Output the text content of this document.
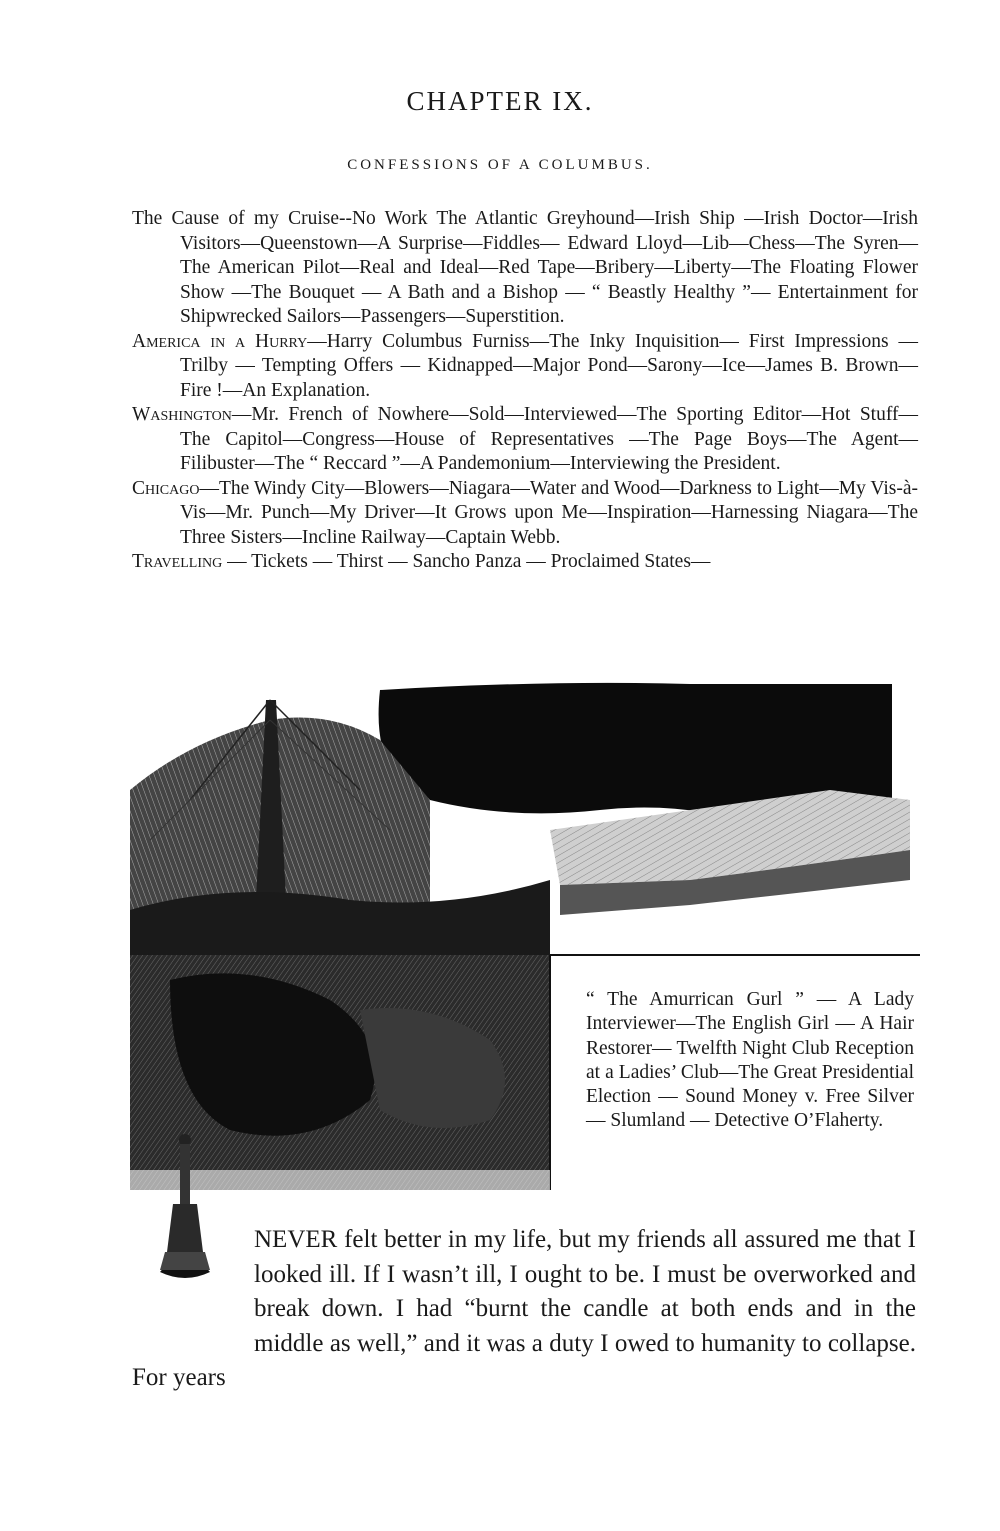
CHAPTER IX.
CONFESSIONS OF A COLUMBUS.

The Cause of my Cruise--No Work The Atlantic Greyhound—Irish Ship —Irish Doctor—Irish Visitors—Queenstown—A Surprise—Fiddles— Edward Lloyd—Lib—Chess—The Syren—The American Pilot—Real and Ideal—Red Tape—Bribery—Liberty—The Floating Flower Show —The Bouquet — A Bath and a Bishop — “ Beastly Healthy ”— Entertainment for Shipwrecked Sailors—Passengers—Superstition.

America in a Hurry—Harry Columbus Furniss—The Inky Inquisition— First Impressions — Trilby — Tempting Offers — Kidnapped—Major Pond—Sarony—Ice—James B. Brown—Fire !—An Explanation.

Washington—Mr. French of Nowhere—Sold—Interviewed—The Sporting Editor—Hot Stuff—The Capitol—Congress—House of Representatives —The Page Boys—The Agent—Filibuster—The “ Reccard ”—A Pandemonium—Interviewing the President.

Chicago—The Windy City—Blowers—Niagara—Water and Wood—Darkness to Light—My Vis-à-Vis—Mr. Punch—My Driver—It Grows upon Me—Inspiration—Harnessing Niagara—The Three Sisters—Incline Railway—Captain Webb.

Travelling — Tickets — Thirst — Sancho Panza — Proclaimed States—

“ The Amurrican Gurl ” — A Lady Interviewer—The English Girl — A Hair Restorer— Twelfth Night Club Reception at a Ladies’ Club—The Great Presidential Election — Sound Money v. Free Silver — Slumland — Detective O’Flaherty.

NEVER felt better in my life, but my friends all assured me that I looked ill. If I wasn’t ill, I ought to be. I must be overworked and break down. I had “burnt the candle at both ends and in the middle as well,” and it was a duty I owed to humanity to collapse. For years
